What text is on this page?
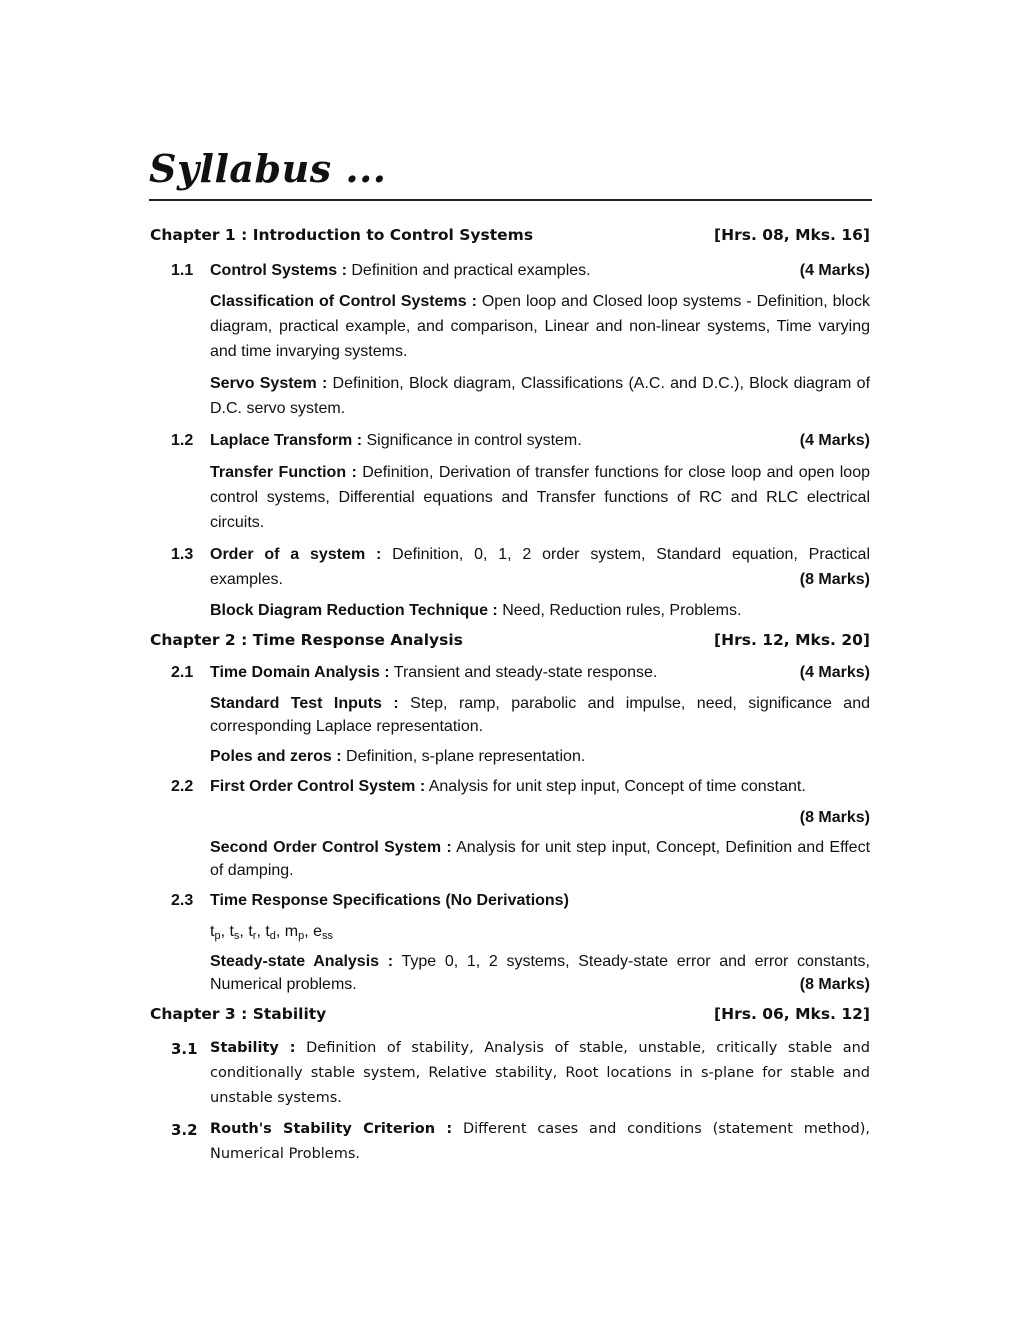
Syllabus ...
Chapter 1 : Introduction to Control Systems	[Hrs. 08, Mks. 16]
1.1 Control Systems : Definition and practical examples.	(4 Marks)
Classification of Control Systems : Open loop and Closed loop systems - Definition, block diagram, practical example, and comparison, Linear and non-linear systems, Time varying and time invarying systems.
Servo System : Definition, Block diagram, Classifications (A.C. and D.C.), Block diagram of D.C. servo system.
1.2 Laplace Transform : Significance in control system.	(4 Marks)
Transfer Function : Definition, Derivation of transfer functions for close loop and open loop control systems, Differential equations and Transfer functions of RC and RLC electrical circuits.
1.3 Order of a system : Definition, 0, 1, 2 order system, Standard equation, Practical
examples.	(8 Marks)
Block Diagram Reduction Technique : Need, Reduction rules, Problems.
Chapter 2 : Time Response Analysis	[Hrs. 12, Mks. 20]
2.1 Time Domain Analysis : Transient and steady-state response.	(4 Marks)
Standard Test Inputs : Step, ramp, parabolic and impulse, need, significance and corresponding Laplace representation.
Poles and zeros : Definition, s-plane representation.
2.2 First Order Control System : Analysis for unit step input, Concept of time constant.
(8 Marks)
Second Order Control System : Analysis for unit step input, Concept, Definition and Effect of damping.
2.3 Time Response Specifications (No Derivations)
$t_p$, $t_s$, $t_r$, $t_d$, $m_p$, $e_{ss}$
Steady-state Analysis : Type 0, 1, 2 systems, Steady-state error and error constants,
Numerical problems.	(8 Marks)
Chapter 3 : Stability	[Hrs. 06, Mks. 12]
3.1 Stability : Definition of stability, Analysis of stable, unstable, critically stable and conditionally stable system, Relative stability, Root locations in s-plane for stable and unstable systems.
3.2 Routh's Stability Criterion : Different cases and conditions (statement method), Numerical Problems.
